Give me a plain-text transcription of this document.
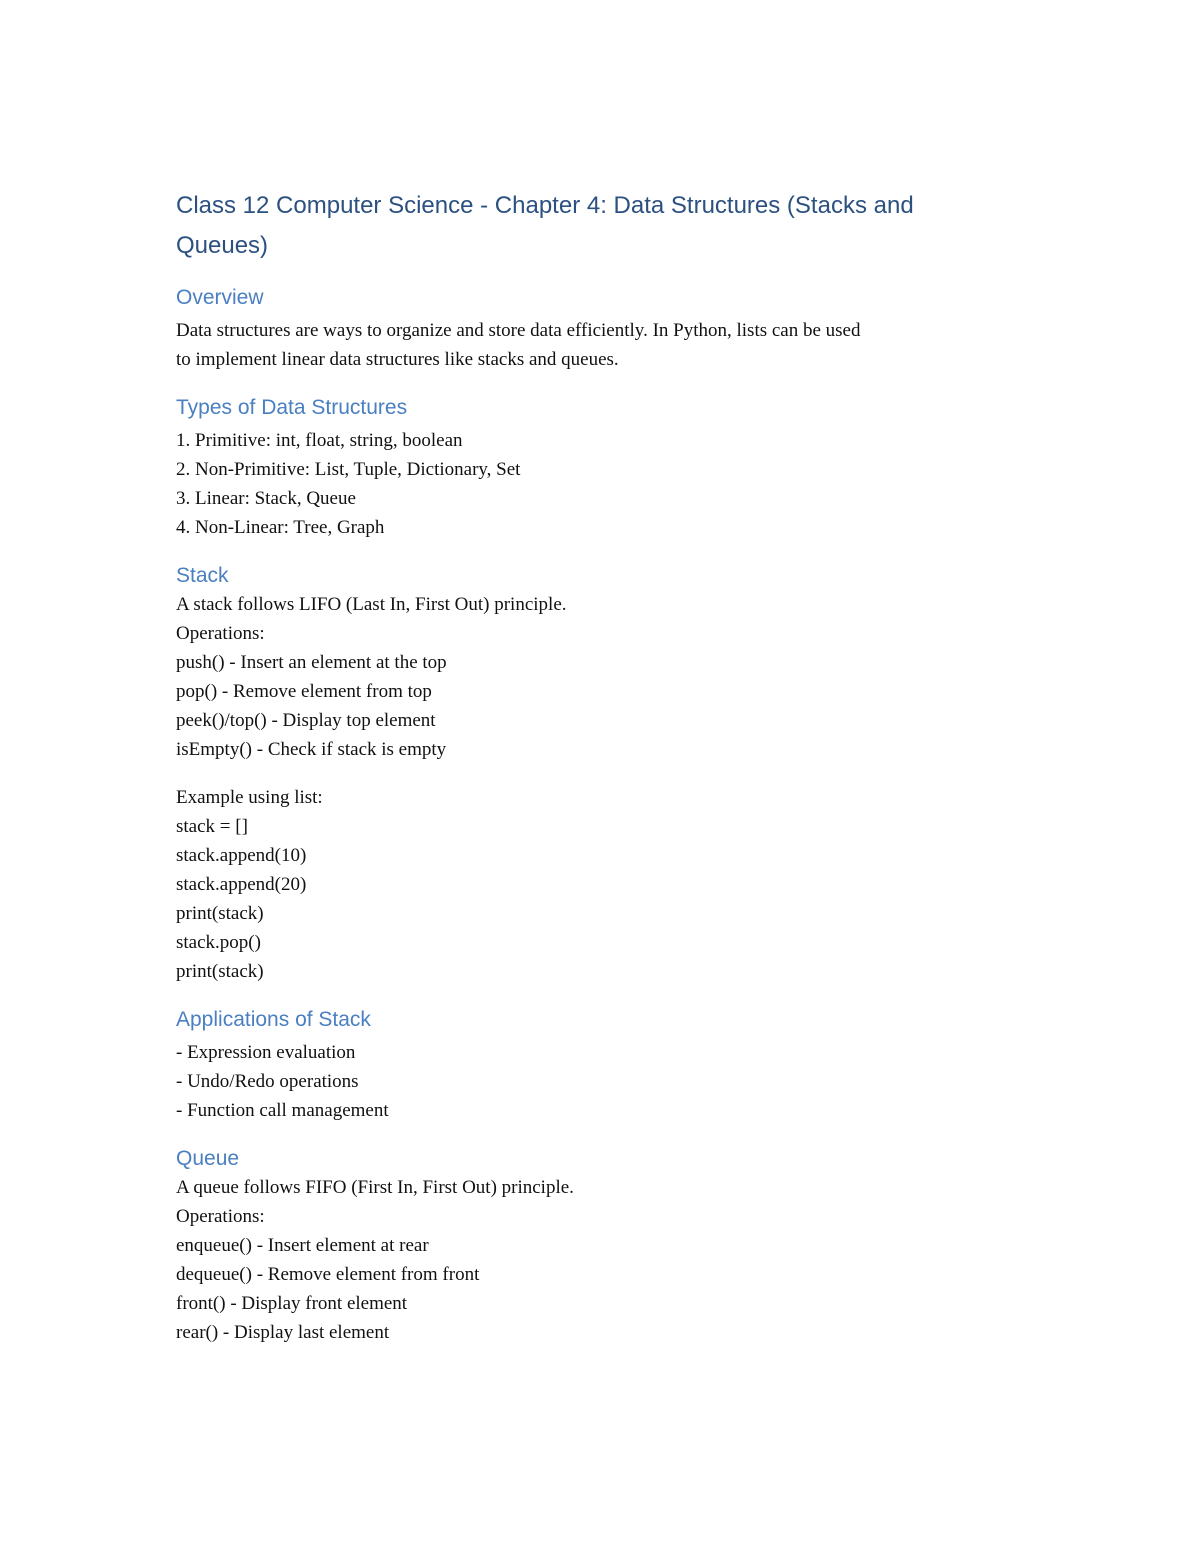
Class 12 Computer Science - Chapter 4: Data Structures (Stacks and
Queues)
Overview

Data structures are ways to organize and store data efficiently. In Python, lists can be used

to implement linear data structures like stacks and queues.

Types of Data Structures
1. Primitive: int, float, string, boolean
2. Non-Primitive: List, Tuple, Dictionary, Set
3. Linear: Stack, Queue
4. Non-Linear: Tree, Graph
Stack

A stack follows LIFO (Last In, First Out) principle.

Operations:

push() - Insert an element at the top

pop() - Remove element from top

peek()/top() - Display top element

isEmpty() - Check if stack is empty

Example using list:

stack = []

stack.append(10)

stack.append(20)

print(stack)

stack.pop()

print(stack)

Applications of Stack
- Expression evaluation
- Undo/Redo operations
- Function call management
Queue

A queue follows FIFO (First In, First Out) principle.

Operations:

enqueue() - Insert element at rear

dequeue() - Remove element from front

front() - Display front element

rear() - Display last element
